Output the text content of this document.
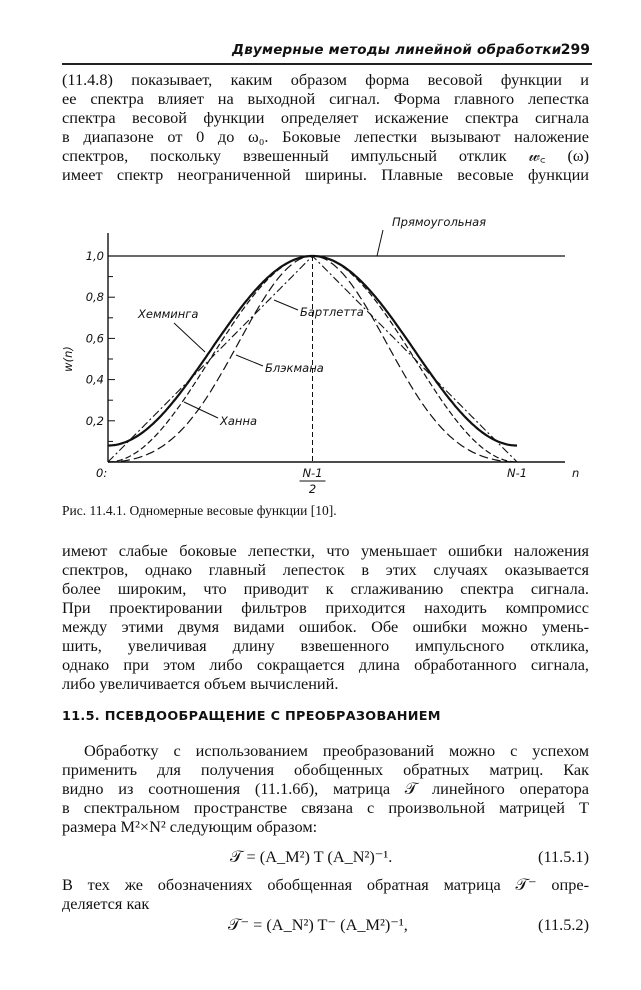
Двумерные методы линейной обработки 299
(11.4.8) показывает, каким образом форма весовой функции и
ее спектра влияет на выходной сигнал. Форма главного лепестка
спектра весовой функции определяет искажение спектра сигнала
в диапазоне от 0 до ω₀. Боковые лепестки вызывают наложение
спектров, поскольку взвешенный импульсный отклик 𝓌꜀ (ω)
имеет спектр неограниченной ширины. Плавные весовые функции
0,2
0,4
0,6
0,8
1,0
w(n)
0:	N-1
2
N-1	n
Прямоугольная
Хемминга	Бартлетта
Блэкмана
Ханна
Рис. 11.4.1. Одномерные весовые функции [10].
имеют слабые боковые лепестки, что уменьшает ошибки наложения
спектров, однако главный лепесток в этих случаях оказывается
более широким, что приводит к сглаживанию спектра сигнала.
При проектировании фильтров приходится находить компромисс
между этими двумя видами ошибок. Обе ошибки можно умень-
шить, увеличивая длину взвешенного импульсного отклика,
однако при этом либо сокращается длина обработанного сигнала,
либо увеличивается объем вычислений.
11.5. ПСЕВДООБРАЩЕНИЕ С ПРЕОБРАЗОВАНИЕМ
Обработку с использованием преобразований можно с успехом
применить для получения обобщенных обратных матриц. Как
видно из соотношения (11.1.6б), матрица 𝒯 линейного оператора
в спектральном пространстве связана с произвольной матрицей T
размера M²×N² следующим образом:
𝒯 = (A_M²) T (A_N²)⁻¹.	(11.5.1)
В тех же обозначениях обобщенная обратная матрица 𝒯⁻ опре-
деляется как
𝒯⁻ = (A_N²) T⁻ (A_M²)⁻¹,	(11.5.2)
